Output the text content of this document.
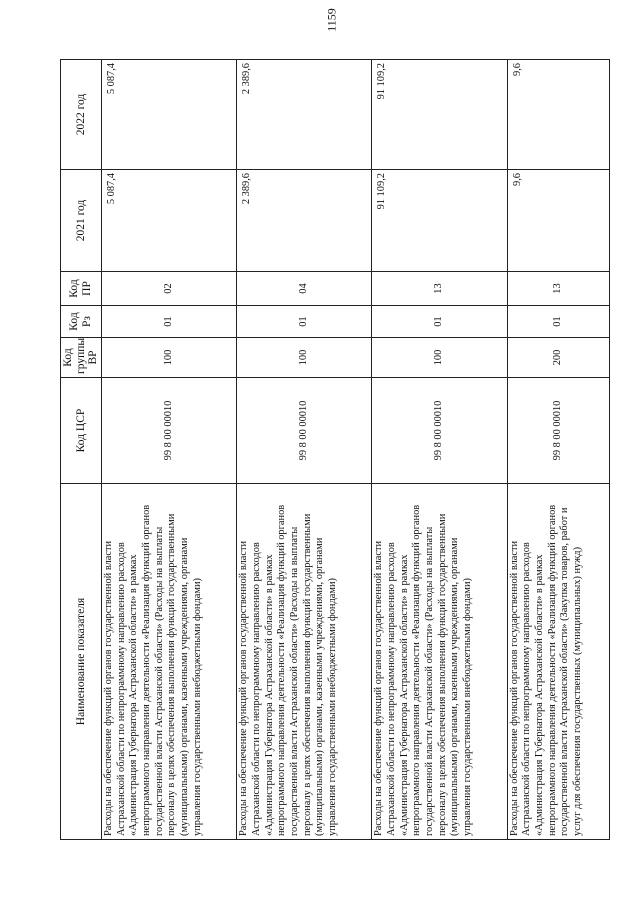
1159
Наименование показателя	Код ЦСР	Код группы ВР	Код Рз	Код ПР	2021 год	2022 год
Расходы на обеспечение функций органов государственной власти Астраханской области по непрограммному направлению расходов «Администрация Губернатора Астраханской области» в рамках непрограммного направления деятельности «Реализация функций органов государственной власти Астраханской области» (Расходы на выплаты персоналу в целях обеспечения выполнения функций государственными (муниципальными) органами, казенными учреждениями, органами управления государственными внебюджетными фондами)	99 8 00 00010	100	01	02	5 087,4	5 087,4
Расходы на обеспечение функций органов государственной власти Астраханской области по непрограммному направлению расходов «Администрация Губернатора Астраханской области» в рамках непрограммного направления деятельности «Реализация функций органов государственной власти Астраханской области» (Расходы на выплаты персоналу в целях обеспечения выполнения функций государственными (муниципальными) органами, казенными учреждениями, органами управления государственными внебюджетными фондами)	99 8 00 00010	100	01	04	2 389,6	2 389,6
Расходы на обеспечение функций органов государственной власти Астраханской области по непрограммному направлению расходов «Администрация Губернатора Астраханской области» в рамках непрограммного направления деятельности «Реализация функций органов государственной власти Астраханской области» (Расходы на выплаты персоналу в целях обеспечения выполнения функций государственными (муниципальными) органами, казенными учреждениями, органами управления государственными внебюджетными фондами)	99 8 00 00010	100	01	13	91 109,2	91 109,2
Расходы на обеспечение функций органов государственной власти Астраханской области по непрограммному направлению расходов «Администрация Губернатора Астраханской области» в рамках непрограммного направления деятельности «Реализация функций органов государственной власти Астраханской области» (Закупка товаров, работ и услуг для обеспечения государственных (муниципальных) нужд)	99 8 00 00010	200	01	13	9,6	9,6
